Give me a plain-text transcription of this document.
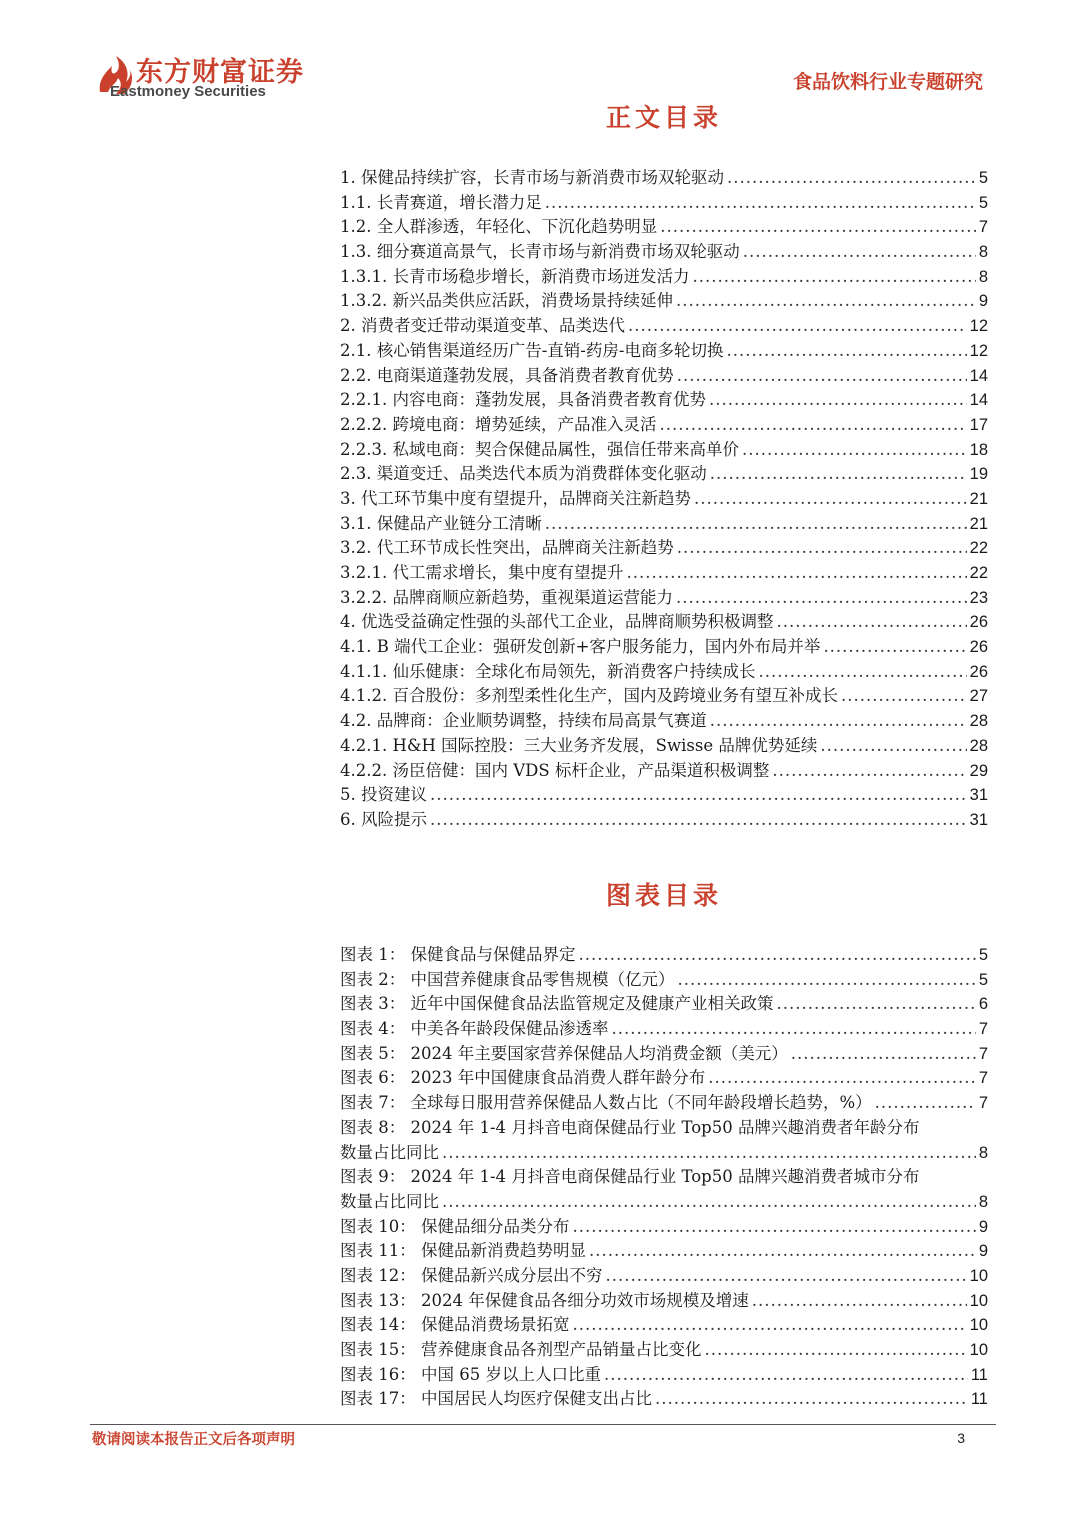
东方财富证券
Eastmoney Securities	食品饮料行业专题研究
正文目录
1. 保健品持续扩容，长青市场与新消费市场双轮驱动 .....	5
1.1. 长青赛道，增长潜力足 .....	5
1.2. 全人群渗透，年轻化、下沉化趋势明显 .....	7
1.3. 细分赛道高景气，长青市场与新消费市场双轮驱动 .....	8
1.3.1. 长青市场稳步增长，新消费市场迸发活力 .....	8
1.3.2. 新兴品类供应活跃，消费场景持续延伸 .....	9
2. 消费者变迁带动渠道变革、品类迭代 .....	12
2.1. 核心销售渠道经历广告-直销-药房-电商多轮切换 .....	12
2.2. 电商渠道蓬勃发展，具备消费者教育优势 .....	14
2.2.1. 内容电商：蓬勃发展，具备消费者教育优势 .....	14
2.2.2. 跨境电商：增势延续，产品准入灵活 .....	17
2.2.3. 私域电商：契合保健品属性，强信任带来高单价 .....	18
2.3. 渠道变迁、品类迭代本质为消费群体变化驱动 .....	19
3. 代工环节集中度有望提升，品牌商关注新趋势 .....	21
3.1. 保健品产业链分工清晰 .....	21
3.2. 代工环节成长性突出，品牌商关注新趋势 .....	22
3.2.1. 代工需求增长，集中度有望提升 .....	22
3.2.2. 品牌商顺应新趋势，重视渠道运营能力 .....	23
4. 优选受益确定性强的头部代工企业，品牌商顺势积极调整 .....	26
4.1. B 端代工企业：强研发创新+客户服务能力，国内外布局并举 .....	26
4.1.1. 仙乐健康：全球化布局领先，新消费客户持续成长 .....	26
4.1.2. 百合股份：多剂型柔性化生产，国内及跨境业务有望互补成长 .....	27
4.2. 品牌商：企业顺势调整，持续布局高景气赛道 .....	28
4.2.1. H&H 国际控股：三大业务齐发展，Swisse 品牌优势延续 .....	28
4.2.2. 汤臣倍健：国内 VDS 标杆企业，产品渠道积极调整 .....	29
5. 投资建议 .....	31
6. 风险提示 .....	31
图表目录
图表 1： 保健食品与保健品界定 .....	5
图表 2： 中国营养健康食品零售规模（亿元） .....	5
图表 3： 近年中国保健食品法监管规定及健康产业相关政策 .....	6
图表 4： 中美各年龄段保健品渗透率 .....	7
图表 5： 2024 年主要国家营养保健品人均消费金额（美元） .....	7
图表 6： 2023 年中国健康食品消费人群年龄分布 .....	7
图表 7： 全球每日服用营养保健品人数占比（不同年龄段增长趋势，%） .....	7
图表 8： 2024 年 1-4 月抖音电商保健品行业 Top50 品牌兴趣消费者年龄分布
数量占比同比 .....	8
图表 9： 2024 年 1-4 月抖音电商保健品行业 Top50 品牌兴趣消费者城市分布
数量占比同比 .....	8
图表 10： 保健品细分品类分布 .....	9
图表 11： 保健品新消费趋势明显 .....	9
图表 12： 保健品新兴成分层出不穷 .....	10
图表 13： 2024 年保健食品各细分功效市场规模及增速 .....	10
图表 14： 保健品消费场景拓宽 .....	10
图表 15： 营养健康食品各剂型产品销量占比变化 .....	10
图表 16： 中国 65 岁以上人口比重 .....	11
图表 17： 中国居民人均医疗保健支出占比 .....	11
敬请阅读本报告正文后各项声明	3
